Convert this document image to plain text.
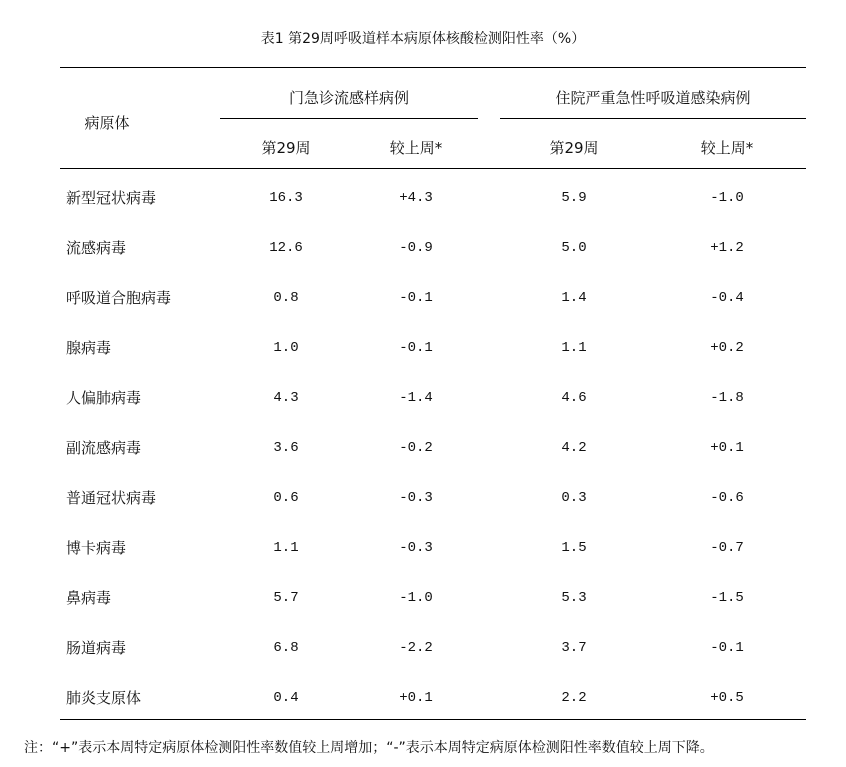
表1 第29周呼吸道样本病原体核酸检测阳性率（%）
病原体
门急诊流感样病例	住院严重急性呼吸道感染病例
第29周	较上周*	第29周	较上周*
新型冠状病毒	16.3	+4.3	5.9	-1.0
流感病毒	12.6	-0.9	5.0	+1.2
呼吸道合胞病毒	0.8	-0.1	1.4	-0.4
腺病毒	1.0	-0.1	1.1	+0.2
人偏肺病毒	4.3	-1.4	4.6	-1.8
副流感病毒	3.6	-0.2	4.2	+0.1
普通冠状病毒	0.6	-0.3	0.3	-0.6
博卡病毒	1.1	-0.3	1.5	-0.7
鼻病毒	5.7	-1.0	5.3	-1.5
肠道病毒	6.8	-2.2	3.7	-0.1
肺炎支原体	0.4	+0.1	2.2	+0.5
注：“+”表示本周特定病原体检测阳性率数值较上周增加；“-”表示本周特定病原体检测阳性率数值较上周下降。
